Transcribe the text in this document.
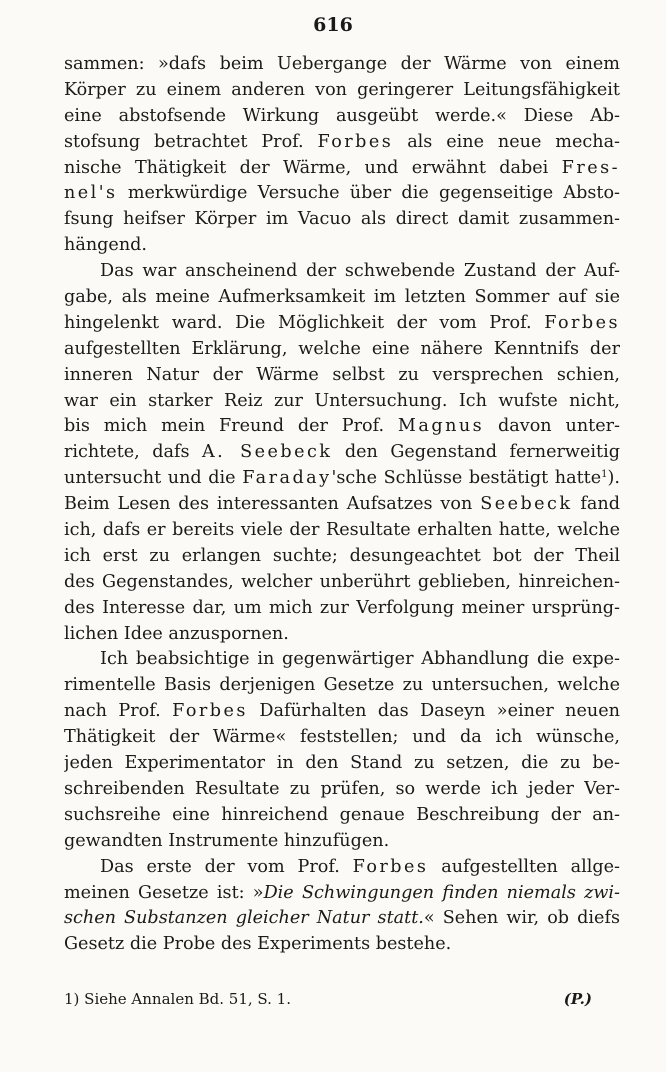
616
sammen: »dafs beim Uebergange der Wärme von einem
Körper zu einem anderen von geringerer Leitungsfähigkeit
eine abstofsende Wirkung ausgeübt werde.« Diese Ab-
stofsung betrachtet Prof. Forbes als eine neue mecha-
nische Thätigkeit der Wärme, und erwähnt dabei Fres-
nel's merkwürdige Versuche über die gegenseitige Absto-
fsung heifser Körper im Vacuo als direct damit zusammen-
hängend.
Das war anscheinend der schwebende Zustand der Auf-
gabe, als meine Aufmerksamkeit im letzten Sommer auf sie
hingelenkt ward. Die Möglichkeit der vom Prof. Forbes
aufgestellten Erklärung, welche eine nähere Kenntnifs der
inneren Natur der Wärme selbst zu versprechen schien,
war ein starker Reiz zur Untersuchung. Ich wufste nicht,
bis mich mein Freund der Prof. Magnus davon unter-
richtete, dafs A. Seebeck den Gegenstand fernerweitig
untersucht und die Faraday'sche Schlüsse bestätigt hatte$^1$).
Beim Lesen des interessanten Aufsatzes von Seebeck fand
ich, dafs er bereits viele der Resultate erhalten hatte, welche
ich erst zu erlangen suchte; desungeachtet bot der Theil
des Gegenstandes, welcher unberührt geblieben, hinreichen-
des Interesse dar, um mich zur Verfolgung meiner ursprüng-
lichen Idee anzuspornen.
Ich beabsichtige in gegenwärtiger Abhandlung die expe-
rimentelle Basis derjenigen Gesetze zu untersuchen, welche
nach Prof. Forbes Dafürhalten das Daseyn »einer neuen
Thätigkeit der Wärme« feststellen; und da ich wünsche,
jeden Experimentator in den Stand zu setzen, die zu be-
schreibenden Resultate zu prüfen, so werde ich jeder Ver-
suchsreihe eine hinreichend genaue Beschreibung der an-
gewandten Instrumente hinzufügen.
Das erste der vom Prof. Forbes aufgestellten allge-
meinen Gesetze ist: »Die Schwingungen finden niemals zwi-
schen Substanzen gleicher Natur statt.« Sehen wir, ob diefs
Gesetz die Probe des Experiments bestehe.
1) Siehe Annalen Bd. 51, S. 1.	(P.)
